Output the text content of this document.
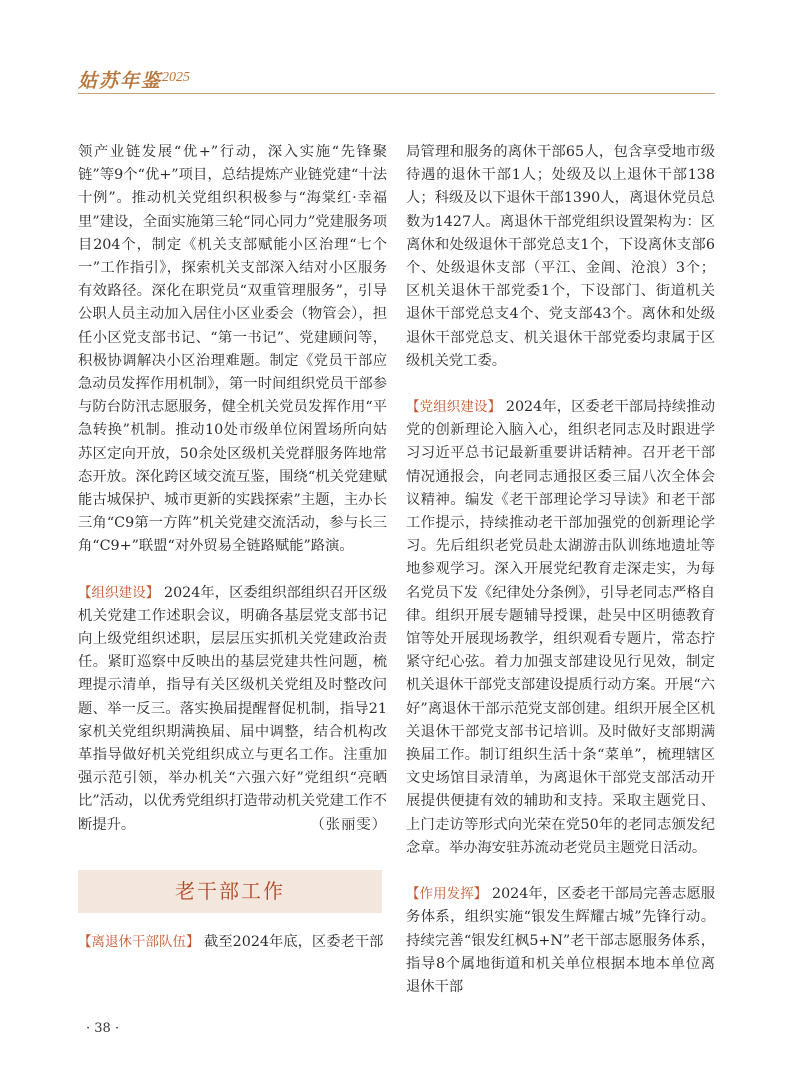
姑苏年鉴 2025

领产业链发展“优+”行动，深入实施“先锋聚链”等9个“优+”项目，总结提炼产业链党建“十法十例”。推动机关党组织积极参与“海棠红·幸福里”建设，全面实施第三轮“同心同力”党建服务项目204个，制定《机关支部赋能小区治理“七个一”工作指引》，探索机关支部深入结对小区服务有效路径。深化在职党员“双重管理服务”，引导公职人员主动加入居住小区业委会（物管会），担任小区党支部书记、“第一书记”、党建顾问等，积极协调解决小区治理难题。制定《党员干部应急动员发挥作用机制》，第一时间组织党员干部参与防台防汛志愿服务，健全机关党员发挥作用“平急转换”机制。推动10处市级单位闲置场所向姑苏区定向开放，50余处区级机关党群服务阵地常态开放。深化跨区域交流互鉴，围绕“机关党建赋能古城保护、城市更新的实践探索”主题，主办长三角“C9第一方阵”机关党建交流活动，参与长三角“C9+”联盟“对外贸易全链路赋能”路演。

【组织建设】 2024年，区委组织部组织召开区级机关党建工作述职会议，明确各基层党支部书记向上级党组织述职，层层压实抓机关党建政治责任。紧盯巡察中反映出的基层党建共性问题，梳理提示清单，指导有关区级机关党组及时整改问题、举一反三。落实换届提醒督促机制，指导21家机关党组织期满换届、届中调整，结合机构改革指导做好机关党组织成立与更名工作。注重加强示范引领，举办机关“六强六好”党组织“亮晒比”活动，以优秀党组织打造带动机关党建工作不断提升。	（张丽雯）

老干部工作

【离退休干部队伍】 截至2024年底，区委老干部

局管理和服务的离休干部65人，包含享受地市级待遇的退休干部1人；处级及以上退休干部138人；科级及以下退休干部1390人，离退休党员总数为1427人。离退休干部党组织设置架构为：区离休和处级退休干部党总支1个，下设离休支部6个、处级退休支部（平江、金阊、沧浪）3个；区机关退休干部党委1个，下设部门、街道机关退休干部党总支4个、党支部43个。离休和处级退休干部党总支、机关退休干部党委均隶属于区级机关党工委。

【党组织建设】 2024年，区委老干部局持续推动党的创新理论入脑入心，组织老同志及时跟进学习习近平总书记最新重要讲话精神。召开老干部情况通报会，向老同志通报区委三届八次全体会议精神。编发《老干部理论学习导读》和老干部工作提示，持续推动老干部加强党的创新理论学习。先后组织老党员赴太湖游击队训练地遗址等地参观学习。深入开展党纪教育走深走实，为每名党员下发《纪律处分条例》，引导老同志严格自律。组织开展专题辅导授课，赴吴中区明德教育馆等处开展现场教学，组织观看专题片，常态拧紧守纪心弦。着力加强支部建设见行见效，制定机关退休干部党支部建设提质行动方案。开展“六好”离退休干部示范党支部创建。组织开展全区机关退休干部党支部书记培训。及时做好支部期满换届工作。制订组织生活十条“菜单”，梳理辖区文史场馆目录清单，为离退休干部党支部活动开展提供便捷有效的辅助和支持。采取主题党日、上门走访等形式向光荣在党50年的老同志颁发纪念章。举办海安驻苏流动老党员主题党日活动。

【作用发挥】 2024年，区委老干部局完善志愿服务体系，组织实施“银发生辉耀古城”先锋行动。持续完善“银发红枫5+N”老干部志愿服务体系，指导8个属地街道和机关单位根据本地本单位离退休干部

· 38 ·
